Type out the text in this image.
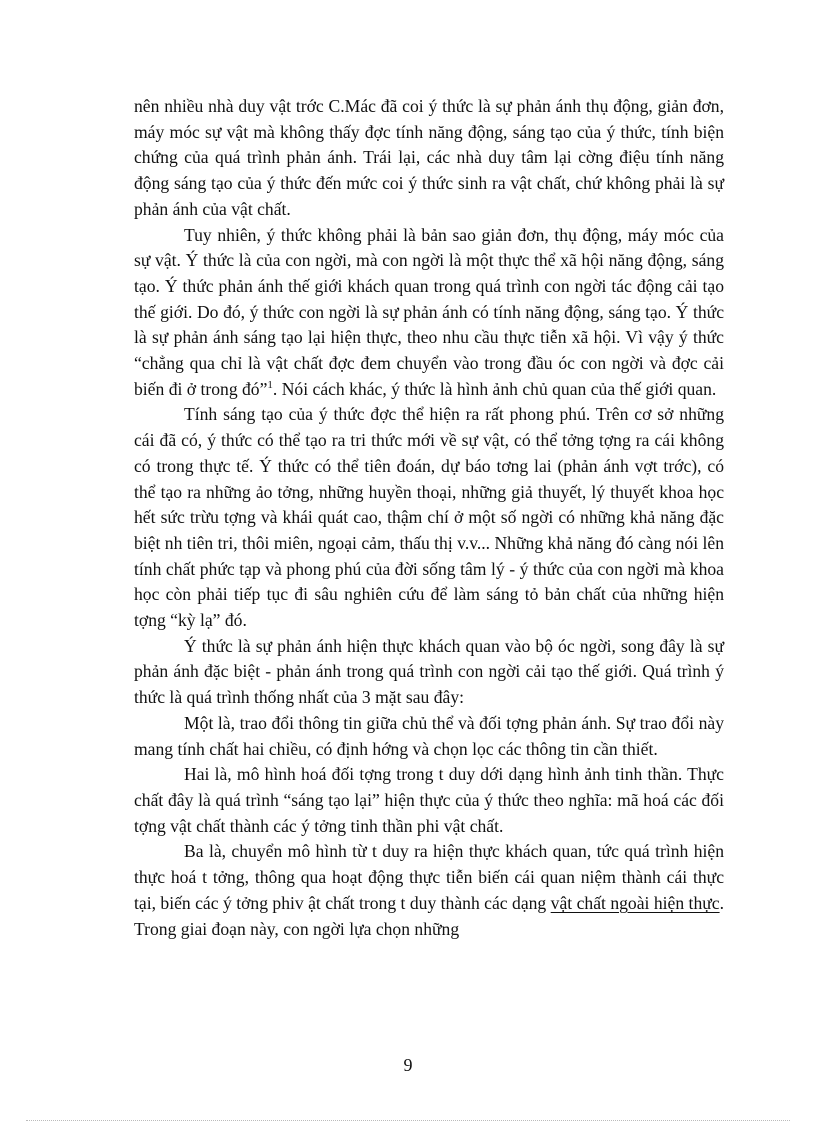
nên nhiều nhà duy vật trớc C.Mác đã coi ý thức là sự phản ánh thụ động, giản đơn, máy móc sự vật mà không thấy đợc tính năng động, sáng tạo của ý thức, tính biện chứng của quá trình phản ánh. Trái lại, các nhà duy tâm lại cờng điệu tính năng động sáng tạo của ý thức đến mức coi ý thức sinh ra vật chất, chứ không phải là sự phản ánh của vật chất.

Tuy nhiên, ý thức không phải là bản sao giản đơn, thụ động, máy móc của sự vật. Ý thức là của con ngời, mà con ngời là một thực thể xã hội năng động, sáng tạo. Ý thức phản ánh thế giới khách quan trong quá trình con ngời tác động cải tạo thế giới. Do đó, ý thức con ngời là sự phản ánh có tính năng động, sáng tạo. Ý thức là sự phản ánh sáng tạo lại hiện thực, theo nhu cầu thực tiễn xã hội. Vì vậy ý thức “chẳng qua chỉ là vật chất đợc đem chuyển vào trong đầu óc con ngời và đợc cải biến đi ở trong đó”$^1$. Nói cách khác, ý thức là hình ảnh chủ quan của thế giới quan.

Tính sáng tạo của ý thức đợc thể hiện ra rất phong phú. Trên cơ sở những cái đã có, ý thức có thể tạo ra tri thức mới về sự vật, có thể tởng tợng ra cái không có trong thực tế. Ý thức có thể tiên đoán, dự báo tơng lai (phản ánh vợt trớc), có thể tạo ra những ảo tởng, những huyền thoại, những giả thuyết, lý thuyết khoa học hết sức trừu tợng và khái quát cao, thậm chí ở một số ngời có những khả năng đặc biệt nh tiên tri, thôi miên, ngoại cảm, thấu thị v.v... Những khả năng đó càng nói lên tính chất phức tạp và phong phú của đời sống tâm lý - ý thức của con ngời mà khoa học còn phải tiếp tục đi sâu nghiên cứu để làm sáng tỏ bản chất của những hiện tợng “kỳ lạ” đó.

Ý thức là sự phản ánh hiện thực khách quan vào bộ óc ngời, song đây là sự phản ánh đặc biệt - phản ánh trong quá trình con ngời cải tạo thế giới. Quá trình ý thức là quá trình thống nhất của 3 mặt sau đây:

Một là, trao đổi thông tin giữa chủ thể và đối tợng phản ánh. Sự trao đổi này mang tính chất hai chiều, có định hớng và chọn lọc các thông tin cần thiết.

Hai là, mô hình hoá đối tợng trong t duy dới dạng hình ảnh tinh thần. Thực chất đây là quá trình “sáng tạo lại” hiện thực của ý thức theo nghĩa: mã hoá các đối tợng vật chất thành các ý tởng tinh thần phi vật chất.

Ba là, chuyển mô hình từ t duy ra hiện thực khách quan, tức quá trình hiện thực hoá t tởng, thông qua hoạt động thực tiễn biến cái quan niệm thành cái thực tại, biến các ý tởng phiv ật chất trong t duy thành các dạng vật chất ngoài hiện thực. Trong giai đoạn này, con ngời lựa chọn những

9
